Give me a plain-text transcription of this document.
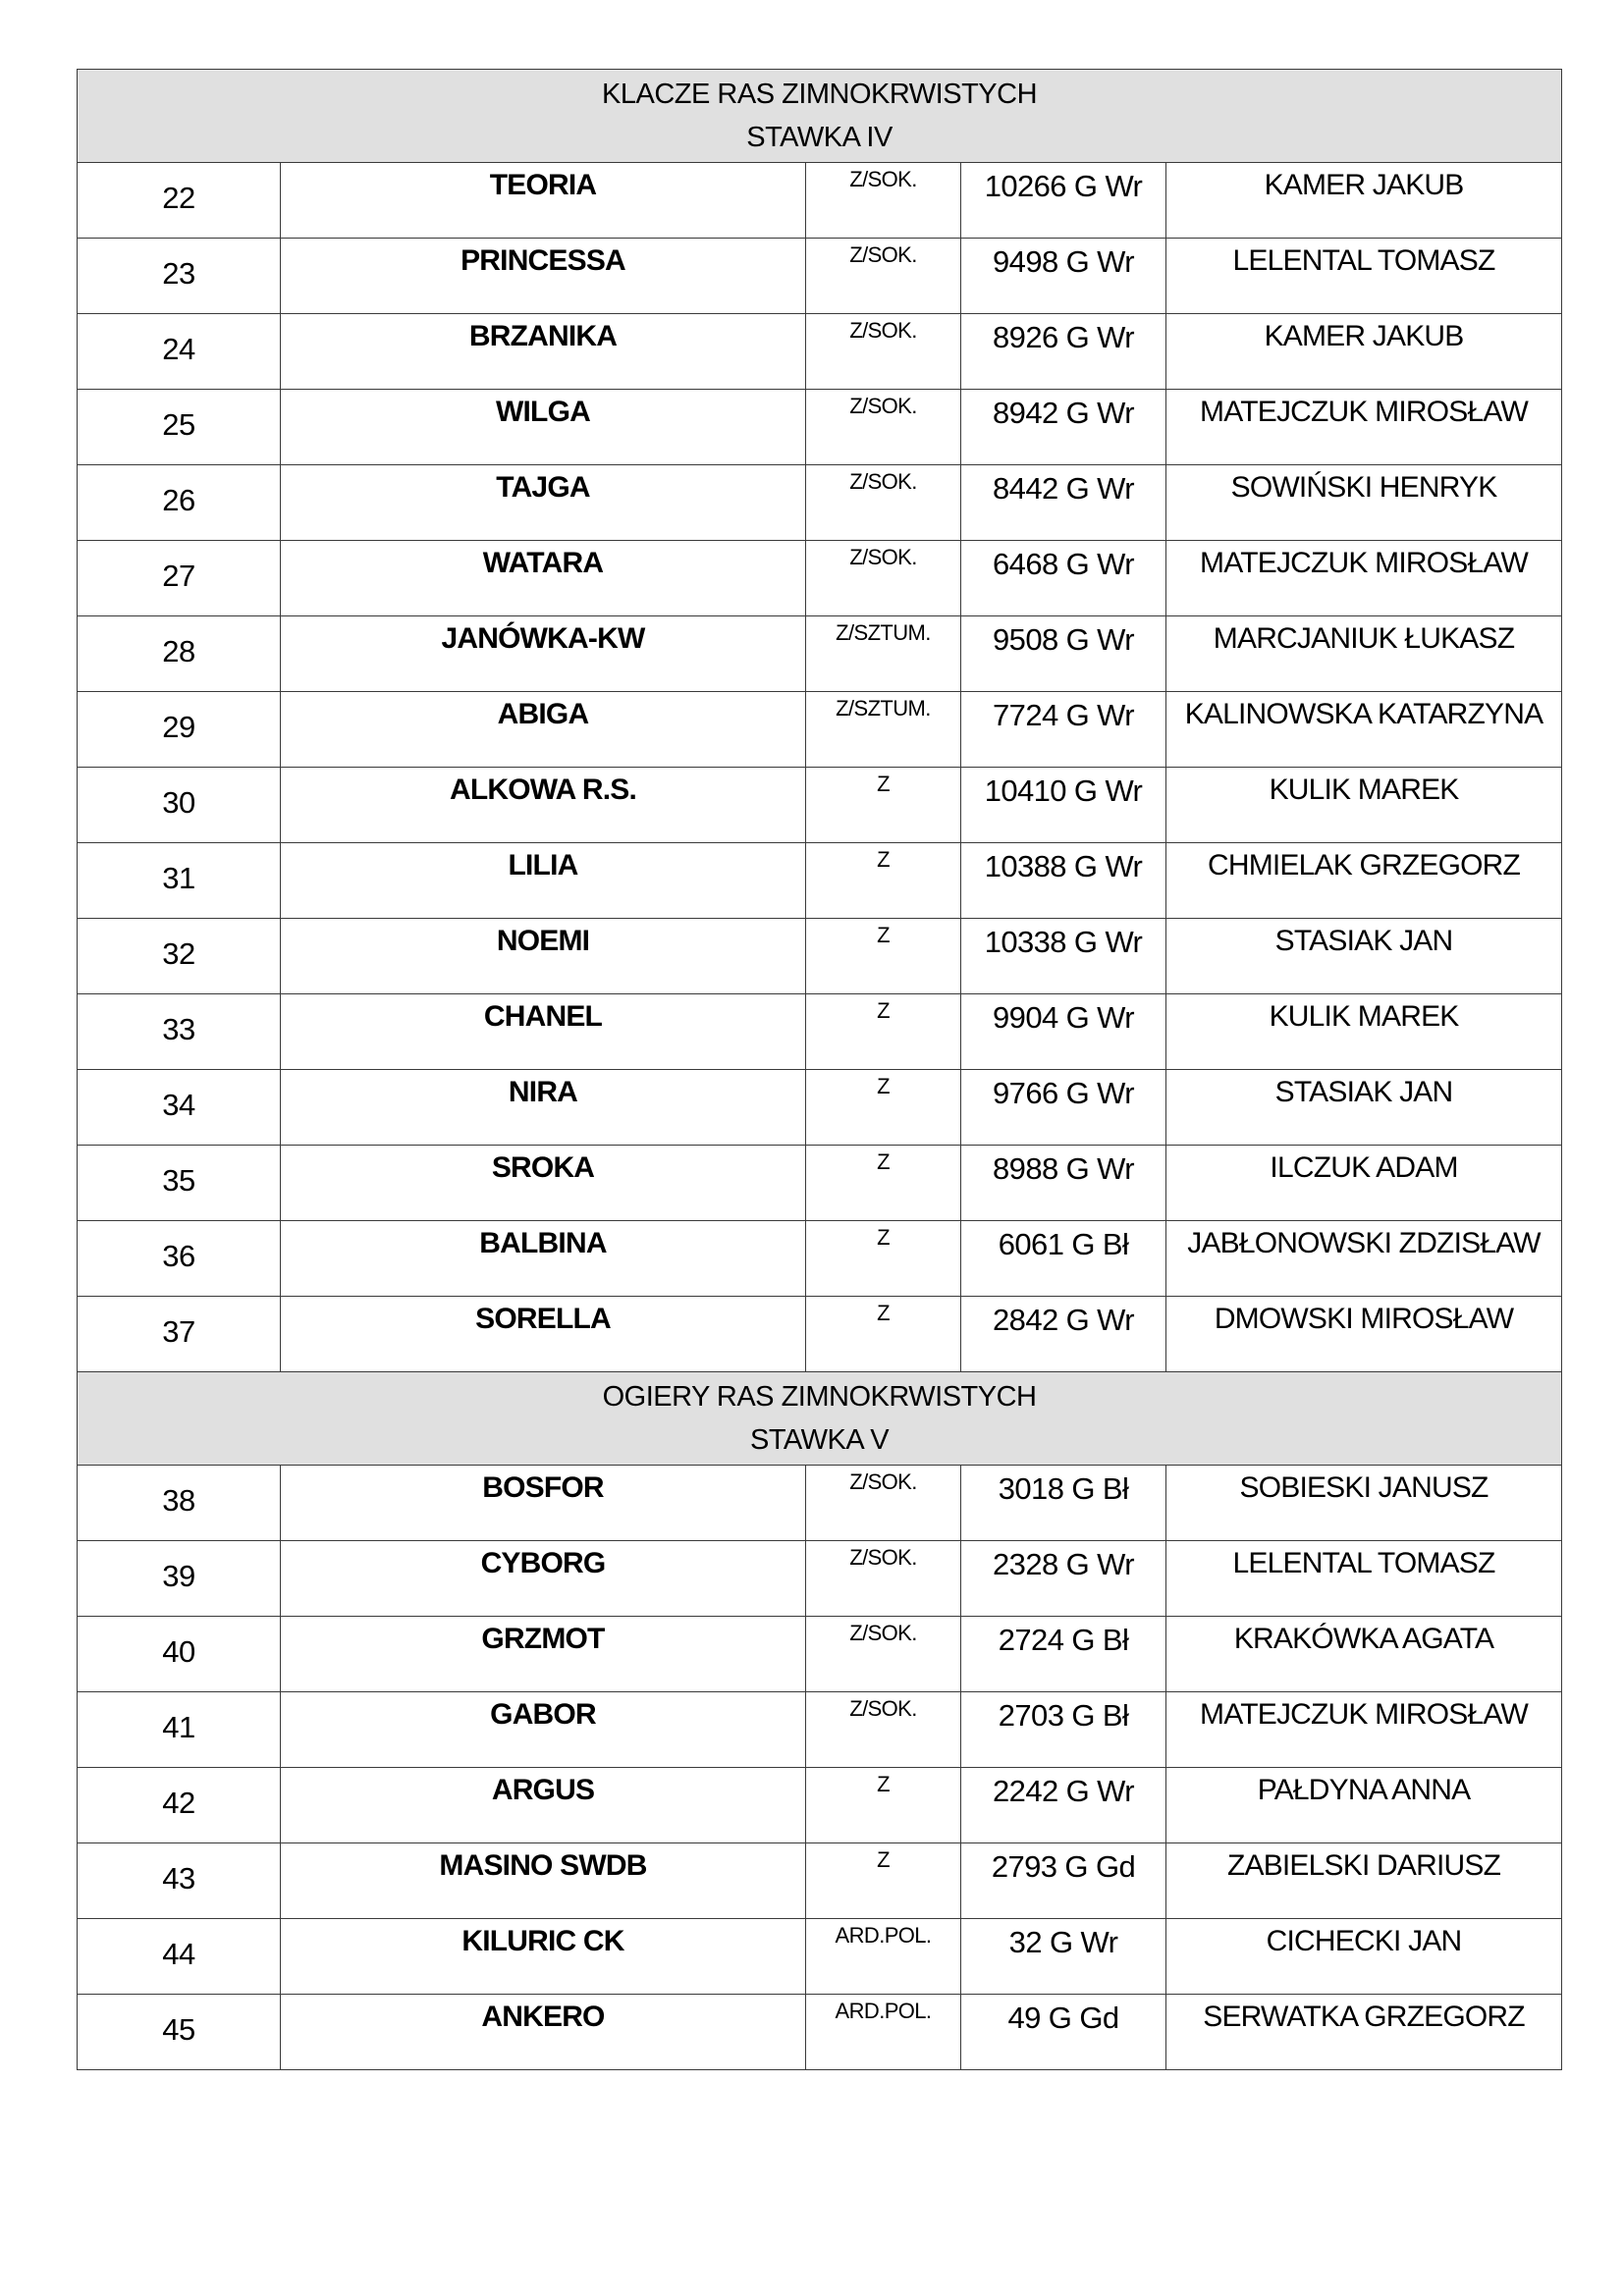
KLACZE RAS ZIMNOKRWISTYCH
STAWKA IV				

22	TEORIA	Z/SOK.	10266 G Wr	KAMER JAKUB
23	PRINCESSA	Z/SOK.	9498 G Wr	LELENTAL TOMASZ
24	BRZANIKA	Z/SOK.	8926 G Wr	KAMER JAKUB
25	WILGA	Z/SOK.	8942 G Wr	MATEJCZUK MIROSŁAW
26	TAJGA	Z/SOK.	8442 G Wr	SOWIŃSKI HENRYK
27	WATARA	Z/SOK.	6468 G Wr	MATEJCZUK MIROSŁAW
28	JANÓWKA-KW	Z/SZTUM.	9508 G Wr	MARCJANIUK ŁUKASZ
29	ABIGA	Z/SZTUM.	7724 G Wr	KALINOWSKA KATARZYNA
30	ALKOWA R.S.	Z	10410 G Wr	KULIK MAREK
31	LILIA	Z	10388 G Wr	CHMIELAK GRZEGORZ
32	NOEMI	Z	10338 G Wr	STASIAK JAN
33	CHANEL	Z	9904 G Wr	KULIK MAREK
34	NIRA	Z	9766 G Wr	STASIAK JAN
35	SROKA	Z	8988 G Wr	ILCZUK ADAM
36	BALBINA	Z	6061 G Bł	JABŁONOWSKI ZDZISŁAW
37	SORELLA	Z	2842 G Wr	DMOWSKI MIROSŁAW

OGIERY RAS ZIMNOKRWISTYCH
STAWKA V				

38	BOSFOR	Z/SOK.	3018 G Bł	SOBIESKI JANUSZ
39	CYBORG	Z/SOK.	2328 G Wr	LELENTAL TOMASZ
40	GRZMOT	Z/SOK.	2724 G Bł	KRAKÓWKA AGATA
41	GABOR	Z/SOK.	2703 G Bł	MATEJCZUK MIROSŁAW
42	ARGUS	Z	2242 G Wr	PAŁDYNA ANNA
43	MASINO SWDB	Z	2793 G Gd	ZABIELSKI DARIUSZ
44	KILURIC CK	ARD.POL.	32 G Wr	CICHECKI JAN
45	ANKERO	ARD.POL.	49 G Gd	SERWATKA GRZEGORZ
